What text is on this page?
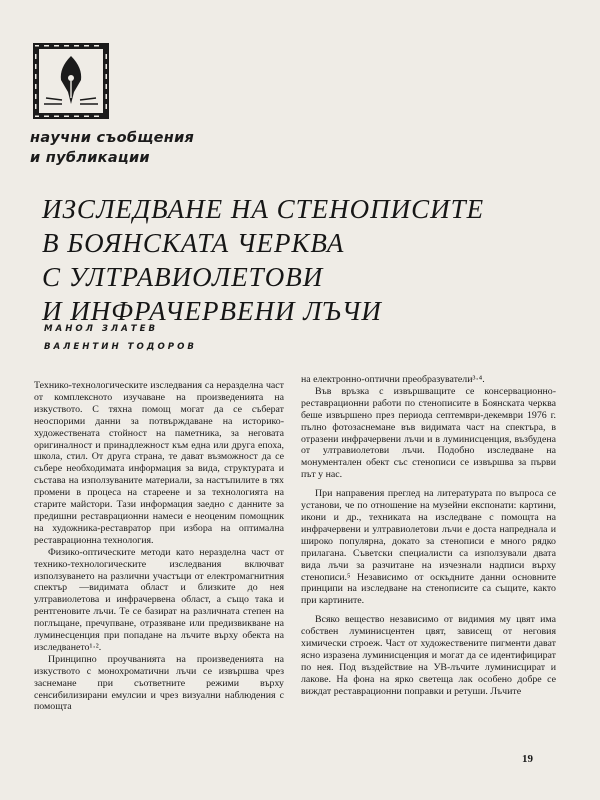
научни съобщения
и публикации
ИЗСЛЕДВАНЕ НА СТЕНОПИСИТЕ
В БОЯНСКАТА ЧЕРКВА
С УЛТРАВИОЛЕТОВИ
И ИНФРАЧЕРВЕНИ ЛЪЧИ
МАНОЛ ЗЛАТЕВ
ВАЛЕНТИН ТОДОРОВ

Технико-технологическите изследвания са неразделна част от комплексното изучаване на произведенията на изкуството. С тяхна помощ могат да се съберат неоспорими данни за потвърждаване на историко-художествената стойност на паметника, за неговата оригиналност и принадлежност към една или друга епоха, школа, стил. От друга страна, те дават възможност да се събере необходимата информация за вида, структурата и състава на използуваните материали, за настъпилите в тях промени в процеса на стареене и за технологията на старите майстори. Тази информация заедно с данните за предишни реставрационни намеси е неоценим помощник на художника-реставратор при избора на оптимална реставрационна технология.

Физико-оптическите методи като неразделна част от технико-технологическите изследвания включват използуването на различни участъци от електромагнитния спектър —видимата област и близките до нея ултравиолетова и инфрачервена област, а също така и рентгеновите лъчи. Те се базират на различната степен на поглъщане, пречупване, отразяване или предизвикване на луминесценция при попадане на лъчите върху обекта на изследването¹·².

Принципно проучванията на произведенията на изкуството с монохроматични лъчи се извършва чрез заснемане при съответните режими върху сенсибилизирани емулсии и чрез визуални наблюдения с помощта

на електронно-оптични преобразуватели³·⁴.

Във връзка с извършващите се консервационно-реставрационни работи по стенописите в Боянската черква беше извършено през периода септември-декември 1976 г. пълно фотозаснемане във видимата част на спектъра, в отразени инфрачервени лъчи и в луминисценция, възбудена от ултравиолетови лъчи. Подобно изследване на монументален обект със стенописи се извършва за първи път у нас.

При направения преглед на литературата по въпроса се установи, че по отношение на музейни експонати: картини, икони и др., техниката на изследване с помощта на инфрачервени и ултравиолетови лъчи е доста напреднала и широко популярна, докато за стенописи е много рядко прилагана. Съветски специалисти са използували двата вида лъчи за разчитане на изчезнали надписи върху стенописи.⁵ Независимо от оскъдните данни основните принципи на изследване на стенописите са същите, както при картините.

Всяко вещество независимо от видимия му цвят има собствен луминисцентен цвят, зависещ от неговия химически строеж. Част от художествените пигменти дават ясно изразена луминисценция и могат да се идентифицират по нея. Под въздействие на УВ-лъчите луминисцират и лакове. На фона на ярко светеща лак особено добре се виждат реставрационни поправки и ретуши. Лъчите

19
